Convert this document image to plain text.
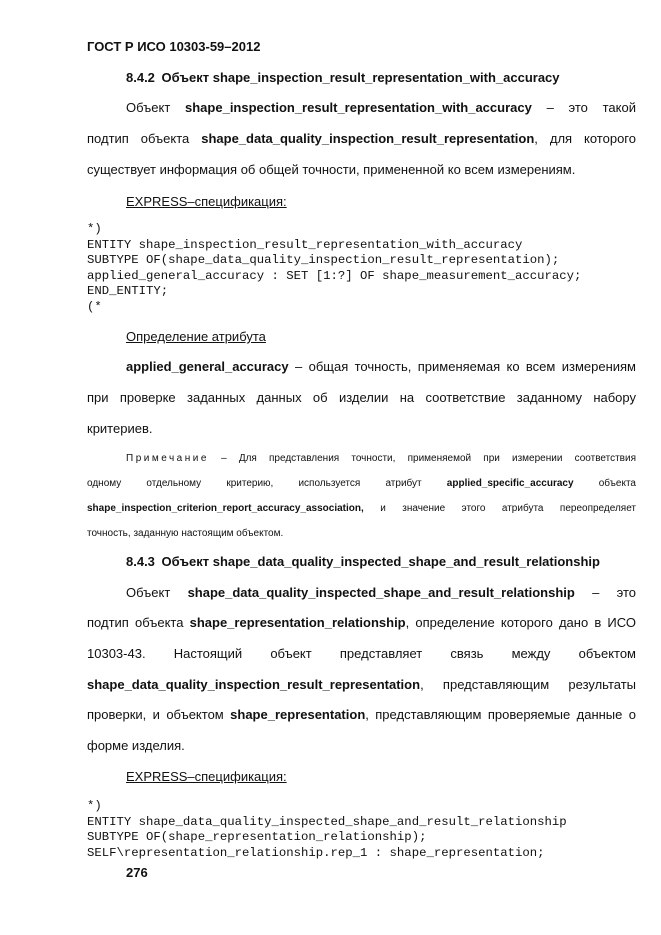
ГОСТ Р ИСО 10303-59–2012
8.4.2 Объект shape_inspection_result_representation_with_accuracy
Объект shape_inspection_result_representation_with_accuracy – это такой
подтип объекта shape_data_quality_inspection_result_representation, для которого
существует информация об общей точности, примененной ко всем измерениям.
EXPRESS–спецификация:
*)
ENTITY shape_inspection_result_representation_with_accuracy
SUBTYPE OF(shape_data_quality_inspection_result_representation);
applied_general_accuracy : SET [1:?] OF shape_measurement_accuracy;
END_ENTITY;
(*
Определение атрибута
applied_general_accuracy – общая точность, применяемая ко всем измерениям
при проверке заданных данных об изделии на соответствие заданному набору
критериев.
Примечание – Для представления точности, применяемой при измерении соответствия
одному отдельному критерию, используется атрибут	applied_specific_accuracy	объекта
shape_inspection_criterion_report_accuracy_association, и значение этого атрибута переопределяет
точность, заданную настоящим объектом.
8.4.3 Объект shape_data_quality_inspected_shape_and_result_relationship
Объект shape_data_quality_inspected_shape_and_result_relationship – это
подтип объекта shape_representation_relationship, определение которого дано в ИСО
10303-43. Настоящий объект представляет связь между объектом
shape_data_quality_inspection_result_representation, представляющим результаты
проверки, и объектом shape_representation, представляющим проверяемые данные о
форме изделия.
EXPRESS–спецификация:
*)
ENTITY shape_data_quality_inspected_shape_and_result_relationship
SUBTYPE OF(shape_representation_relationship);
SELF\representation_relationship.rep_1 : shape_representation;
276
